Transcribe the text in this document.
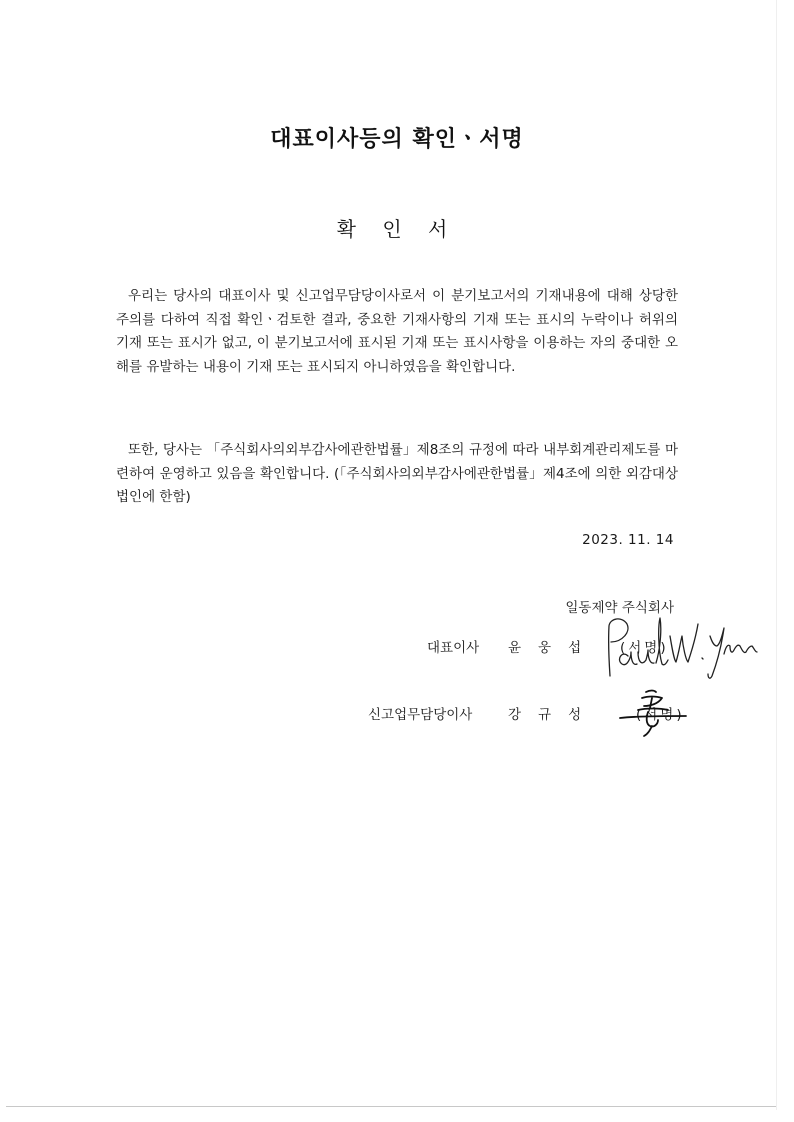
대표이사등의 확인ㆍ서명
확 인 서
우리는 당사의 대표이사 및 신고업무담당이사로서 이 분기보고서의 기재내용에 대해 상당한 주의를 다하여 직접 확인ㆍ검토한 결과, 중요한 기재사항의 기재 또는 표시의 누락이나 허위의 기재 또는 표시가 없고, 이 분기보고서에 표시된 기재 또는 표시사항을 이용하는 자의 중대한 오해를 유발하는 내용이 기재 또는 표시되지 아니하였음을 확인합니다.
또한, 당사는 「주식회사의외부감사에관한법률」제8조의 규정에 따라 내부회계관리제도를 마련하여 운영하고 있음을 확인합니다. (「주식회사의외부감사에관한법률」제4조에 의한 외감대상법인에 한함)
2023. 11. 14
일동제약 주식회사
대표이사 윤웅섭 (서명)
신고업무담당이사	강규성	(서명)
